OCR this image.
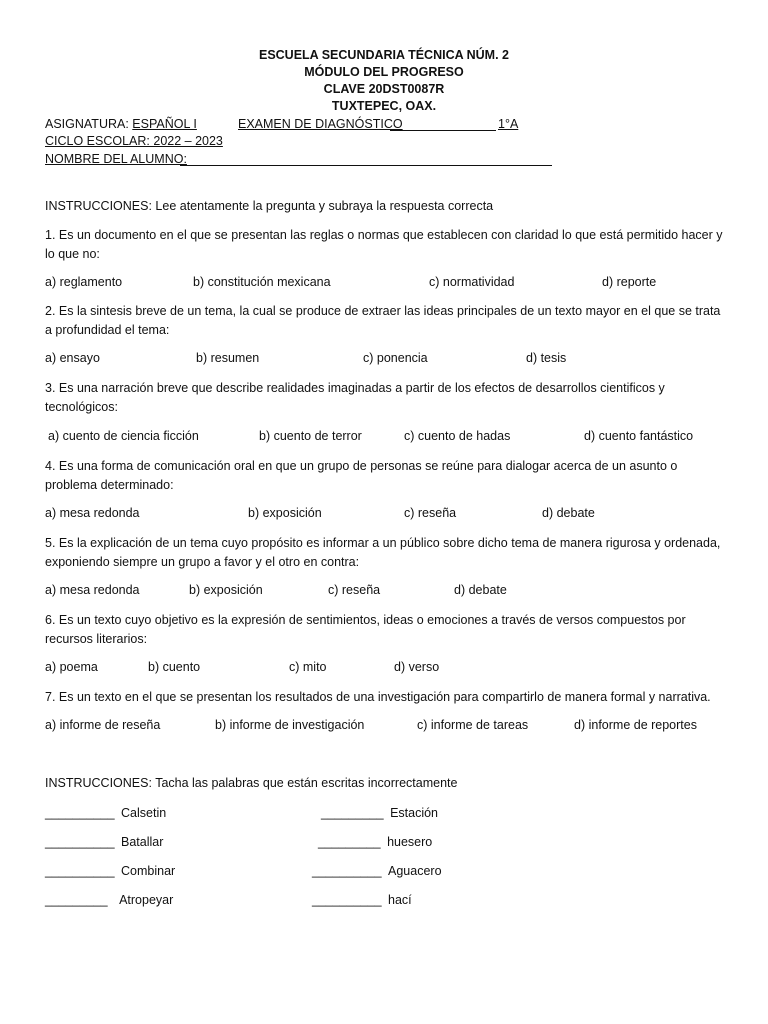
ESCUELA SECUNDARIA TÉCNICA NÚM. 2
MÓDULO DEL PROGRESO
CLAVE 20DST0087R
TUXTEPEC, OAX.
ASIGNATURA: ESPAÑOL I	EXAMEN DE DIAGNÓSTICO	1°A
CICLO ESCOLAR: 2022 – 2023
NOMBRE DEL ALUMNO:
INSTRUCCIONES: Lee atentamente la pregunta y subraya la respuesta correcta
1. Es un documento en el que se presentan las reglas o normas que establecen con claridad lo que está permitido hacer y lo que no:
a) reglamento	b) constitución mexicana	c) normatividad	d) reporte
2. Es la sintesis breve de un tema, la cual se produce de extraer las ideas principales de un texto mayor en el que se trata a profundidad el tema:
a) ensayo	b) resumen	c) ponencia	d) tesis
3. Es una narración breve que describe realidades imaginadas a partir de los efectos de desarrollos cientificos y tecnológicos:
a) cuento de ciencia ficción	b) cuento de terror	c) cuento de hadas	d) cuento fantástico
4. Es una forma de comunicación oral en que un grupo de personas se reúne para dialogar acerca de un asunto o problema determinado:
a) mesa redonda	b) exposición	c) reseña	d) debate
5. Es la explicación de un tema cuyo propósito es informar a un público sobre dicho tema de manera rigurosa y ordenada, exponiendo siempre un grupo a favor y el otro en contra:
a) mesa redonda	b) exposición	c) reseña	d) debate
6. Es un texto cuyo objetivo es la expresión de sentimientos, ideas o emociones a través de versos compuestos por recursos literarios:
a) poema	b) cuento	c) mito	d) verso
7. Es un texto en el que se presentan los resultados de una investigación para compartirlo de manera formal y narrativa.
a) informe de reseña	b) informe de investigación	c) informe de tareas	d) informe de reportes
INSTRUCCIONES: Tacha las palabras que están escritas incorrectamente
__________ Calsetin	_________ Estación
__________ Batallar	_________ huesero
__________ Combinar	__________ Aguacero
_________ Atropeyar	__________ hací
